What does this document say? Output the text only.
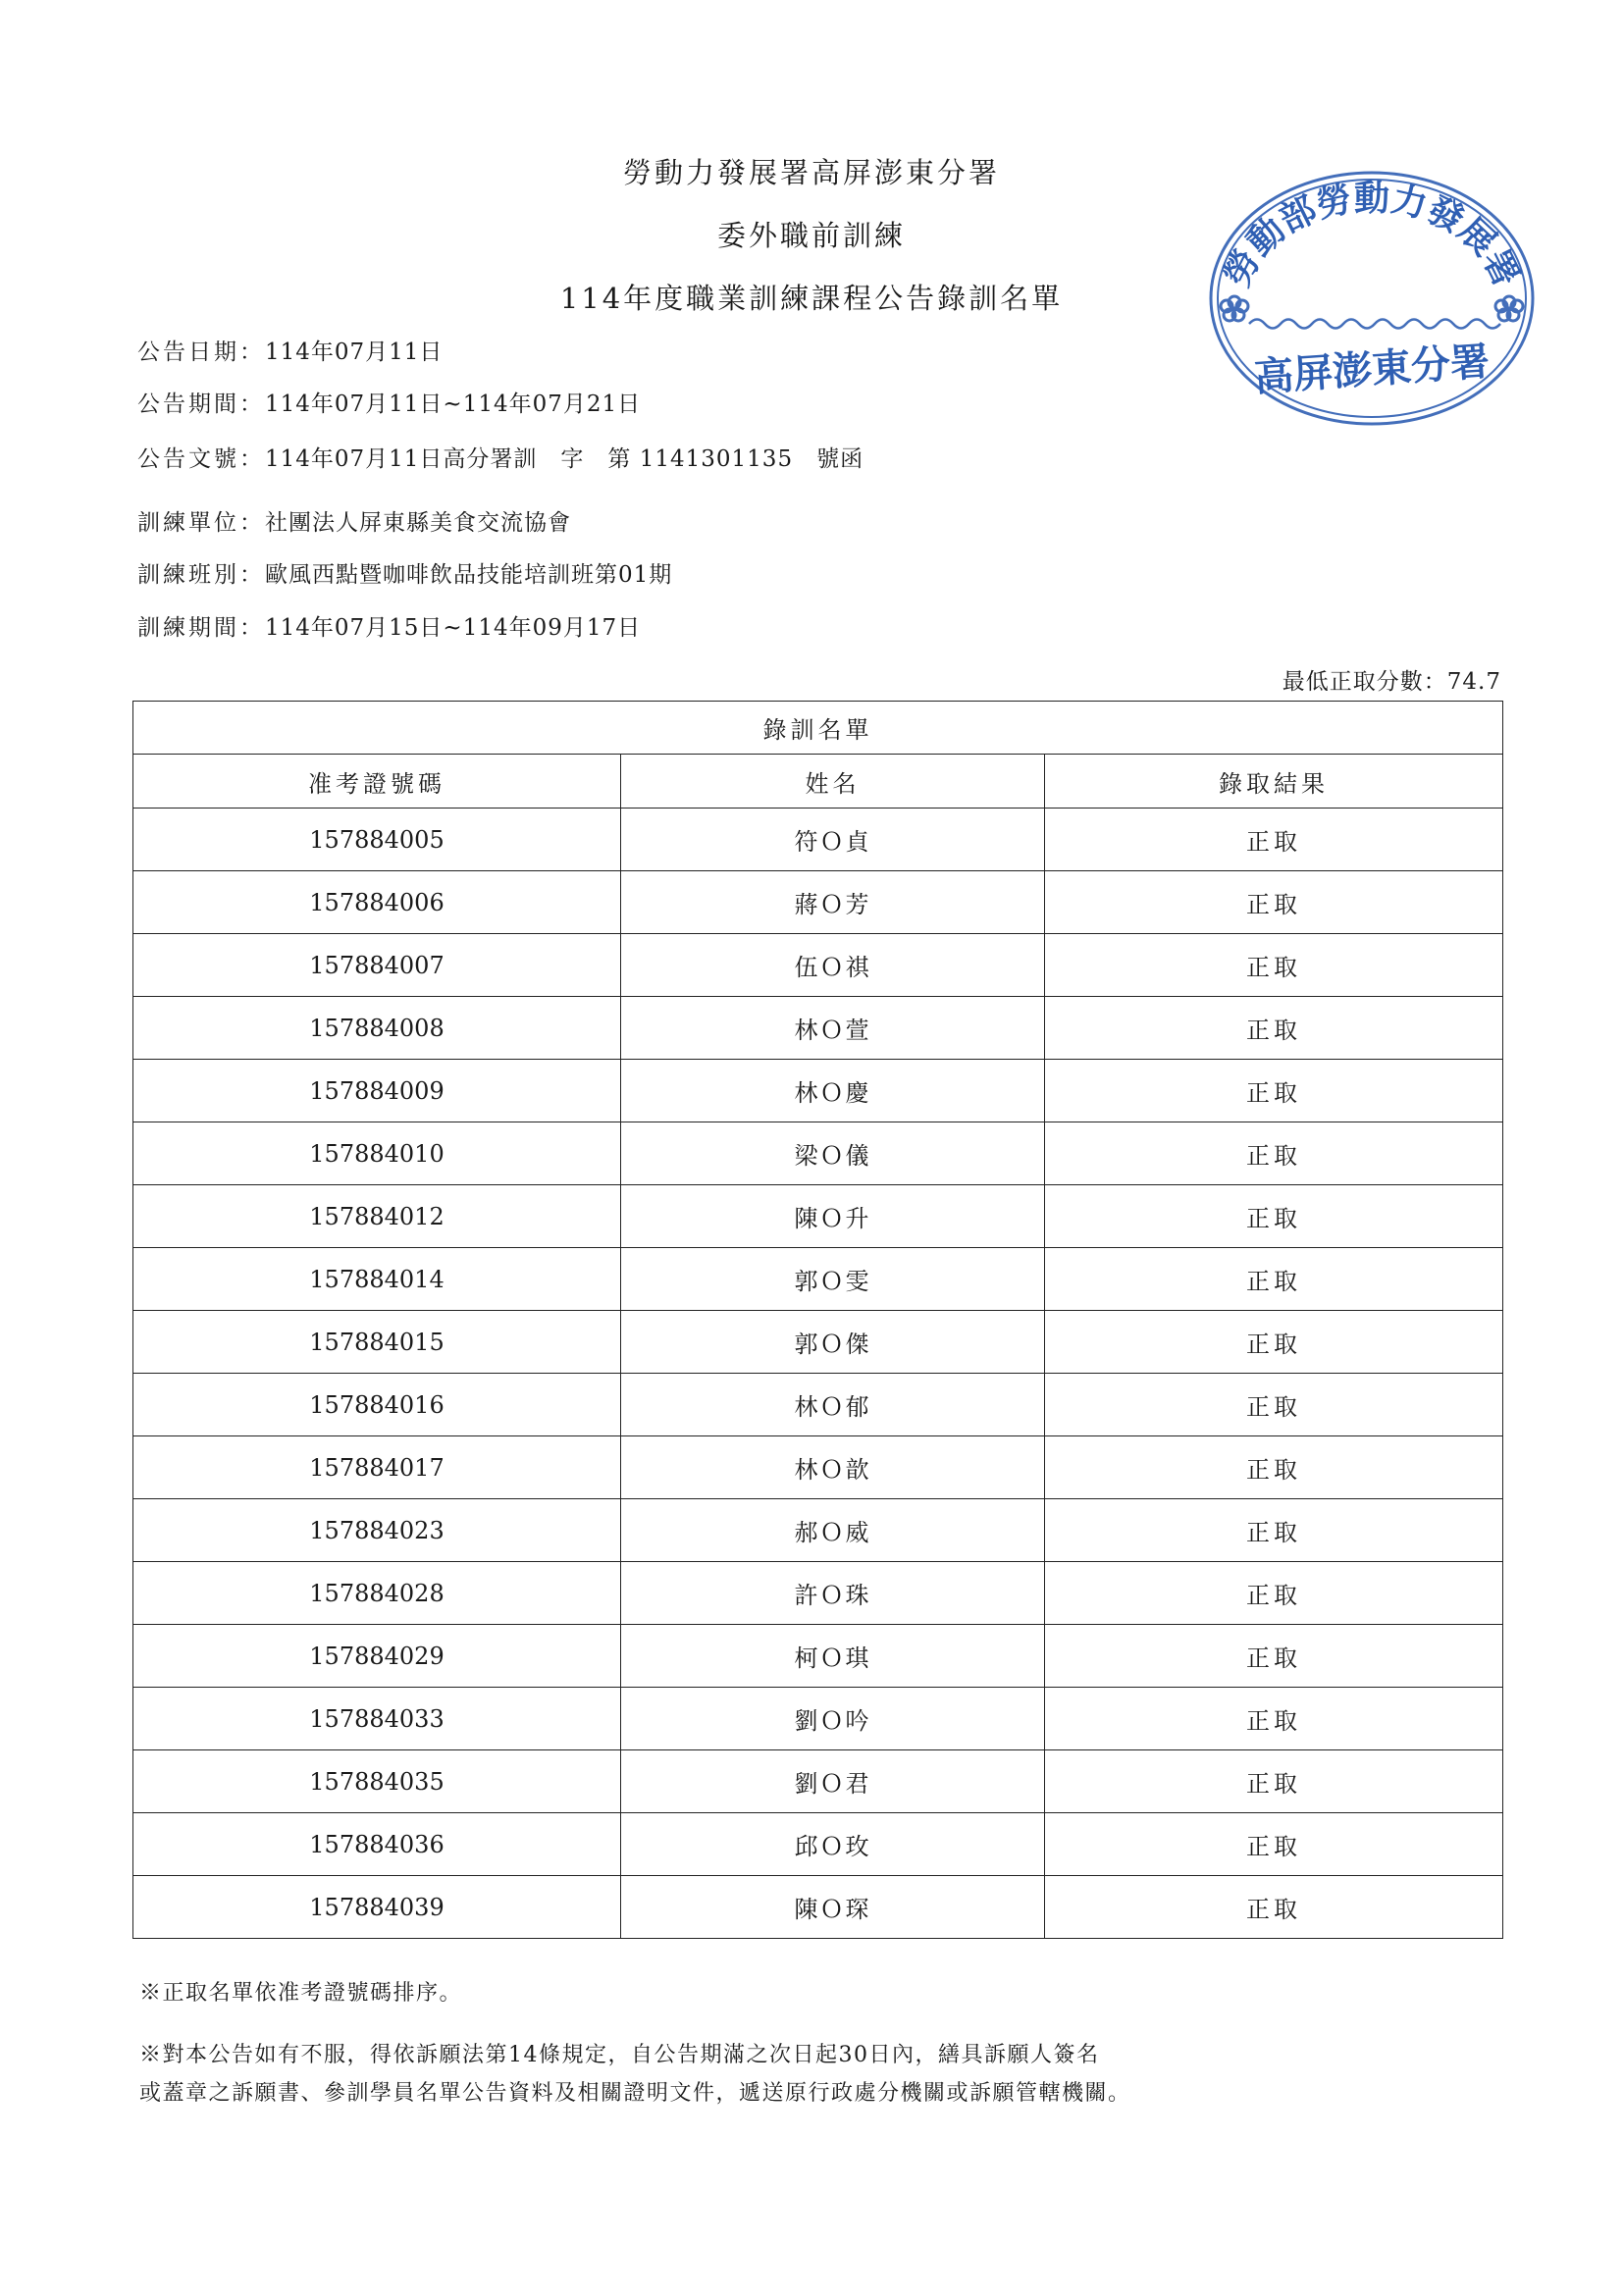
勞動力發展署高屏澎東分署
委外職前訓練
114年度職業訓練課程公告錄訓名單
公告日期：114年07月11日
公告期間：114年07月11日~114年07月21日
公告文號：114年07月11日高分署訓　字　第 1141301135　號函
訓練單位：社團法人屏東縣美食交流協會
訓練班別：歐風西點暨咖啡飲品技能培訓班第01期
訓練期間：114年07月15日~114年09月17日
最低正取分數：74.7
錄訓名單		
准考證號碼	姓名	錄取結果
157884005	符Ｏ貞	正取
157884006	蔣Ｏ芳	正取
157884007	伍Ｏ祺	正取
157884008	林Ｏ萱	正取
157884009	林Ｏ慶	正取
157884010	梁Ｏ儀	正取
157884012	陳Ｏ升	正取
157884014	郭Ｏ雯	正取
157884015	郭Ｏ傑	正取
157884016	林Ｏ郁	正取
157884017	林Ｏ歆	正取
157884023	郝Ｏ威	正取
157884028	許Ｏ珠	正取
157884029	柯Ｏ琪	正取
157884033	劉Ｏ吟	正取
157884035	劉Ｏ君	正取
157884036	邱Ｏ玫	正取
157884039	陳Ｏ琛	正取
※正取名單依准考證號碼排序。
※對本公告如有不服，得依訴願法第14條規定，自公告期滿之次日起30日內，繕具訴願人簽名
或蓋章之訴願書、參訓學員名單公告資料及相關證明文件，遞送原行政處分機關或訴願管轄機關。
勞動部勞動力發展署
高屏澎東分署
